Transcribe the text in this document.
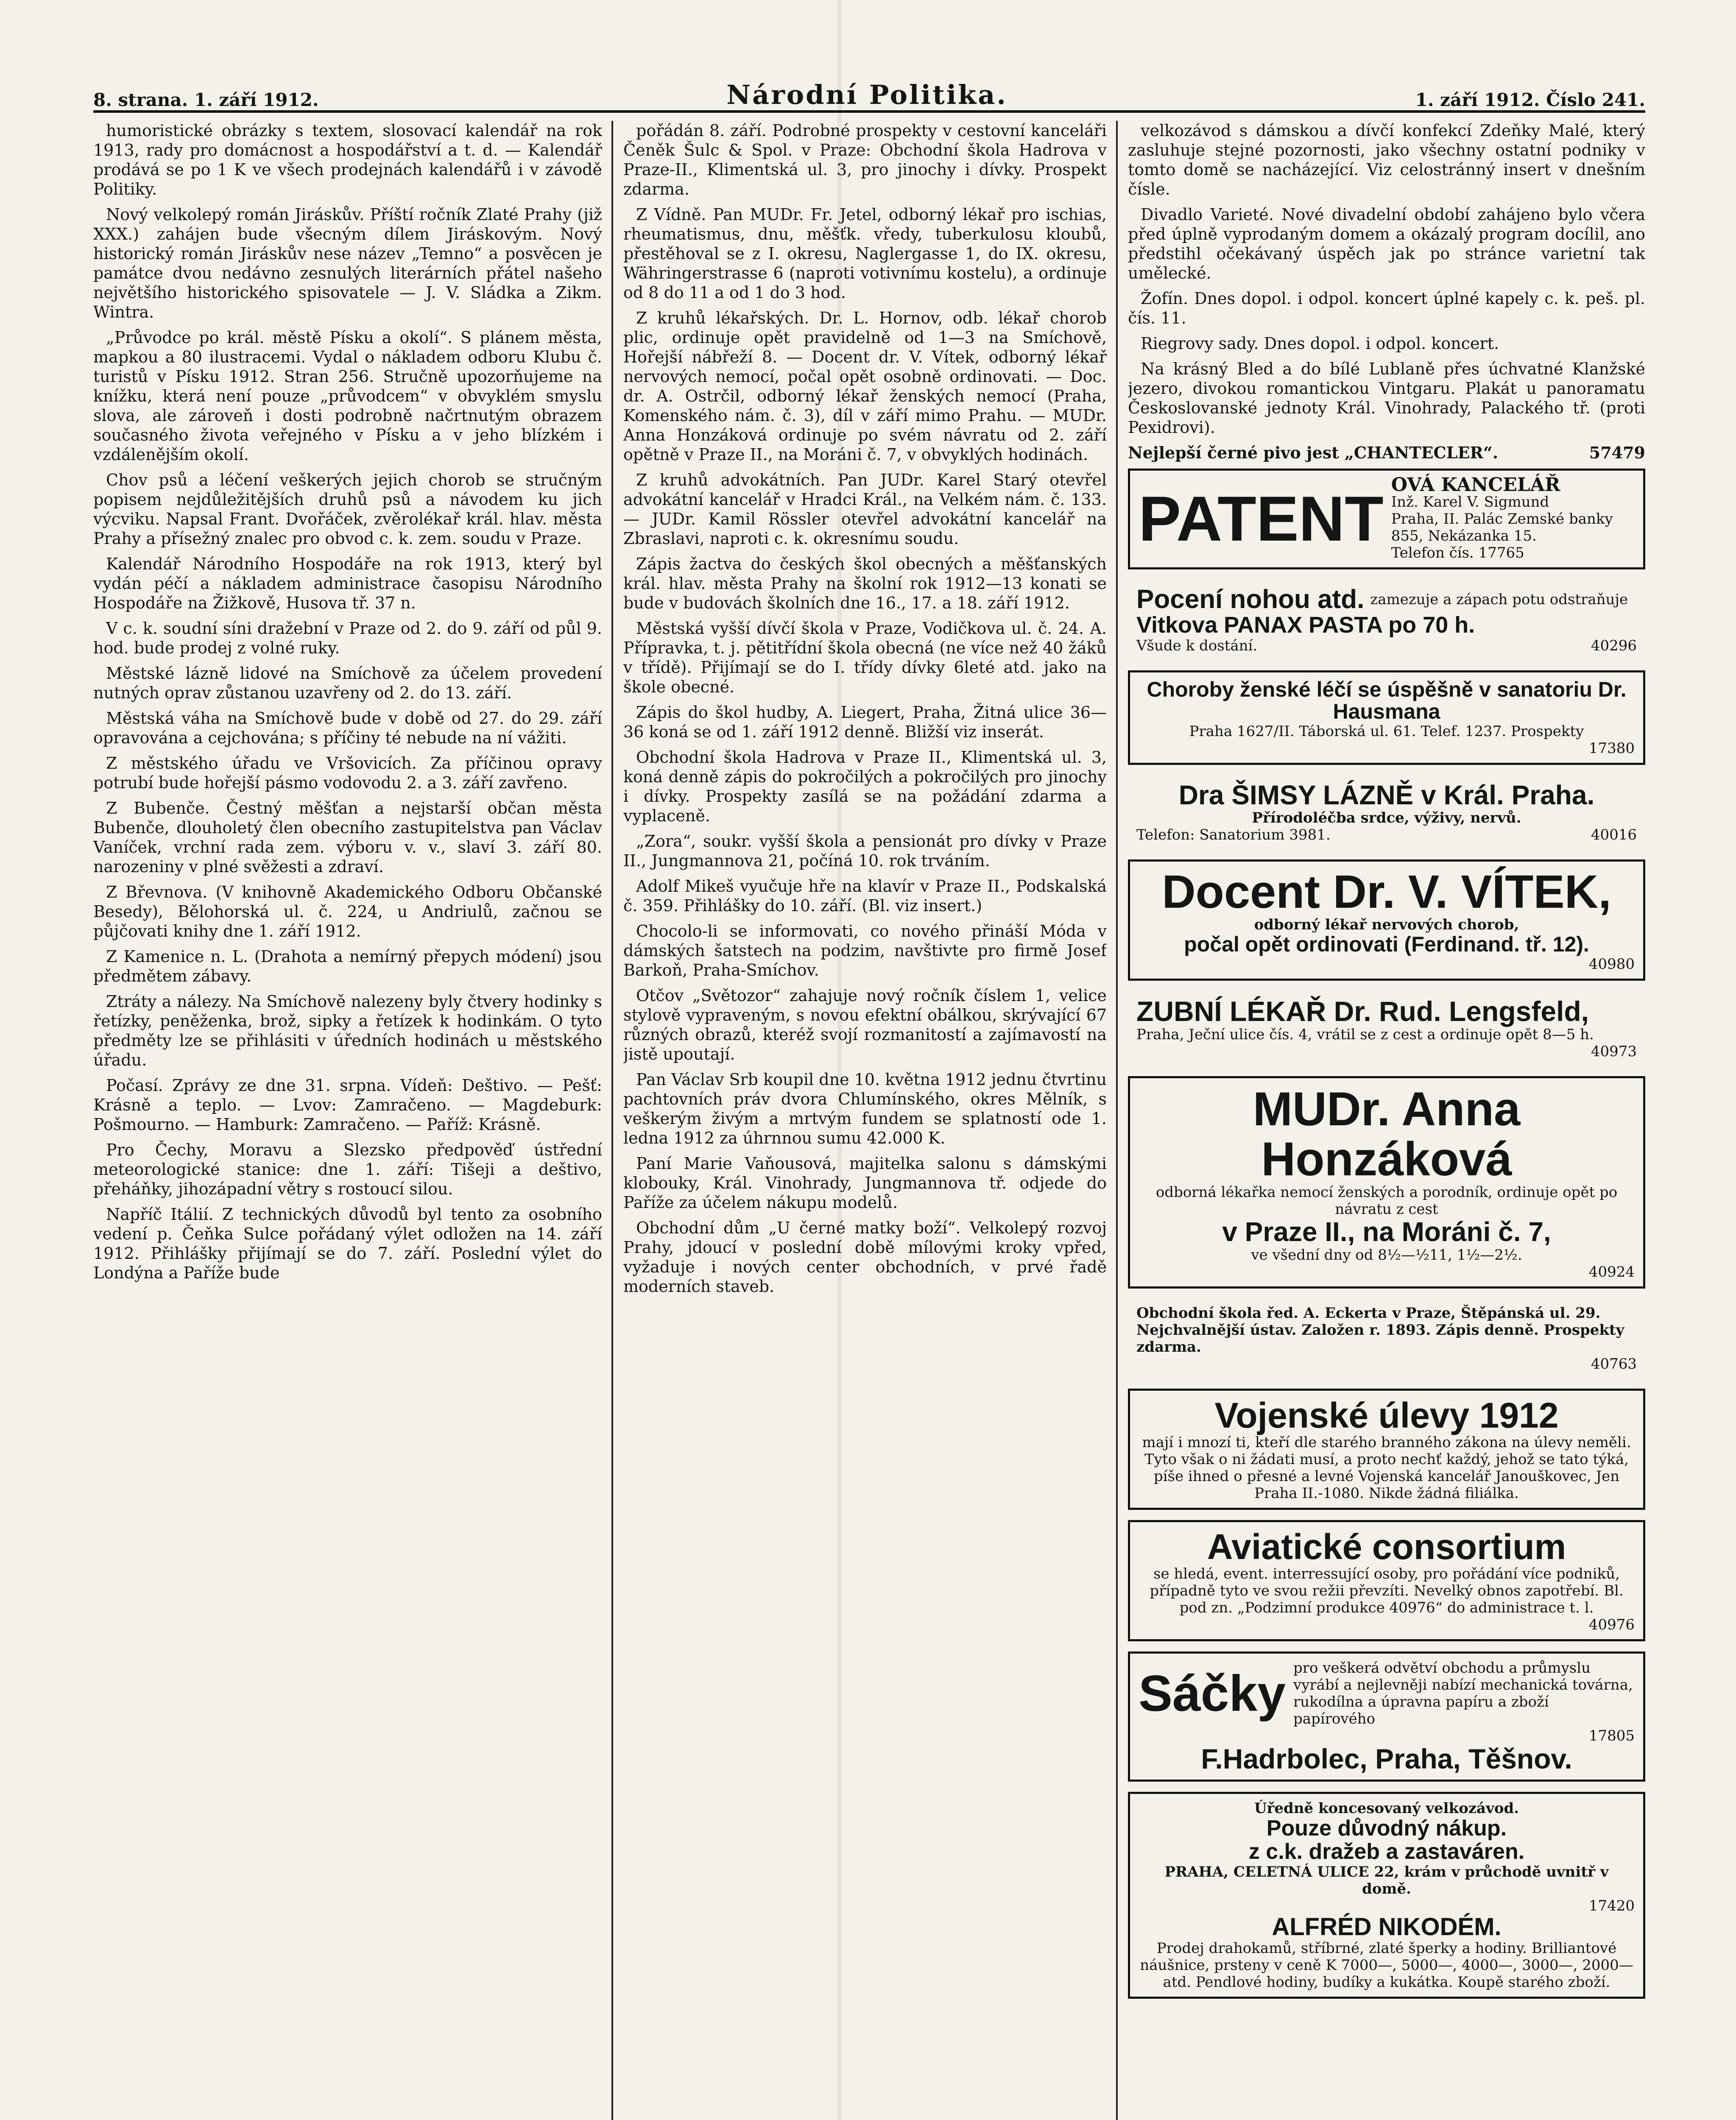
8. strana. 1. září 1912.	Národní Politika.	1. září 1912. Číslo 241.

humoristické obrázky s textem, slosovací kalendář na rok 1913, rady pro domácnost a hospodářství a t. d. — Kalendář prodává se po 1 K ve všech prodejnách kalendářů i v závodě Politiky.

Nový velkolepý román Jiráskův. Příští ročník Zlaté Prahy (již XXX.) zahájen bude všecným dílem Jiráskovým. Nový historický román Jiráskův nese název „Temno“ a posvěcen je památce dvou nedávno zesnulých literárních přátel našeho největšího historického spisovatele — J. V. Sládka a Zikm. Wintra.

„Průvodce po král. městě Písku a okolí“. S plánem města, mapkou a 80 ilustracemi. Vydal o nákladem odboru Klubu č. turistů v Písku 1912. Stran 256. Stručně upozorňujeme na knížku, která není pouze „průvodcem“ v obvyklém smyslu slova, ale zároveň i dosti podrobně načrtnutým obrazem současného života veřejného v Písku a v jeho blízkém i vzdálenějším okolí.

Chov psů a léčení veškerých jejich chorob se stručným popisem nejdůležitějších druhů psů a návodem ku jich výcviku. Napsal Frant. Dvořáček, zvěrolékař král. hlav. města Prahy a přísežný znalec pro obvod c. k. zem. soudu v Praze.

Kalendář Národního Hospodáře na rok 1913, který byl vydán péčí a nákladem administrace časopisu Národního Hospodáře na Žižkově, Husova tř. 37 n.

V c. k. soudní síni dražební v Praze od 2. do 9. září od půl 9. hod. bude prodej z volné ruky.

Městské lázně lidové na Smíchově za účelem provedení nutných oprav zůstanou uzavřeny od 2. do 13. září.

Městská váha na Smíchově bude v době od 27. do 29. září opravována a cejchována; s příčiny té nebude na ní vážiti.

Z městského úřadu ve Vršovicích. Za příčinou opravy potrubí bude hořejší pásmo vodovodu 2. a 3. září zavřeno.

Z Bubenče. Čestný měšťan a nejstarší občan města Bubenče, dlouholetý člen obecního zastupitelstva pan Václav Vaníček, vrchní rada zem. výboru v. v., slaví 3. září 80. narozeniny v plné svěžesti a zdraví.

Z Břevnova. (V knihovně Akademického Odboru Občanské Besedy), Bělohorská ul. č. 224, u Andriulů, začnou se půjčovati knihy dne 1. září 1912.

Z Kamenice n. L. (Drahota a nemírný přepych módení) jsou předmětem zábavy.

Ztráty a nálezy. Na Smíchově nalezeny byly čtvery hodinky s řetízky, peněženka, brož, sipky a řetízek k hodinkám. O tyto předměty lze se přihlásiti v úředních hodinách u městského úřadu.

Počasí. Zprávy ze dne 31. srpna. Vídeň: Deštivo. — Pešť: Krásně a teplo. — Lvov: Zamračeno. — Magdeburk: Pošmourno. — Hamburk: Zamračeno. — Paříž: Krásně.

Pro Čechy, Moravu a Slezsko předpověď ústřední meteorologické stanice: dne 1. září: Tišeji a deštivo, přeháňky, jihozápadní větry s rostoucí silou.

Napříč Itálií. Z technických důvodů byl tento za osobního vedení p. Čeňka Sulce pořádaný výlet odložen na 14. září 1912. Přihlášky přijímají se do 7. září. Poslední výlet do Londýna a Paříže bude

pořádán 8. září. Podrobné prospekty v cestovní kanceláři Čeněk Šulc & Spol. v Praze: Obchodní škola Hadrova v Praze-II., Klimentská ul. 3, pro jinochy i dívky. Prospekt zdarma.

Z Vídně. Pan MUDr. Fr. Jetel, odborný lékař pro ischias, rheumatismus, dnu, měšťk. vředy, tuberkulosu kloubů, přestěhoval se z I. okresu, Naglergasse 1, do IX. okresu, Währingerstrasse 6 (naproti votivnímu kostelu), a ordinuje od 8 do 11 a od 1 do 3 hod.

Z kruhů lékařských. Dr. L. Hornov, odb. lékař chorob plic, ordinuje opět pravidelně od 1—3 na Smíchově, Hořejší nábřeží 8. — Docent dr. V. Vítek, odborný lékař nervových nemocí, počal opět osobně ordinovati. — Doc. dr. A. Ostrčil, odborný lékař ženských nemocí (Praha, Komenského nám. č. 3), díl v září mimo Prahu. — MUDr. Anna Honzáková ordinuje po svém návratu od 2. září opětně v Praze II., na Moráni č. 7, v obvyklých hodinách.

Z kruhů advokátních. Pan JUDr. Karel Starý otevřel advokátní kancelář v Hradci Král., na Velkém nám. č. 133. — JUDr. Kamil Rössler otevřel advokátní kancelář na Zbraslavi, naproti c. k. okresnímu soudu.

Zápis žactva do českých škol obecných a měšťanských král. hlav. města Prahy na školní rok 1912—13 konati se bude v budovách školních dne 16., 17. a 18. září 1912.

Městská vyšší dívčí škola v Praze, Vodičkova ul. č. 24. A. Přípravka, t. j. pětitřídní škola obecná (ne více než 40 žáků v třídě). Přijímají se do I. třídy dívky 6leté atd. jako na škole obecné.

Zápis do škol hudby, A. Liegert, Praha, Žitná ulice 36—36 koná se od 1. září 1912 denně. Bližší viz inserát.

Obchodní škola Hadrova v Praze II., Klimentská ul. 3, koná denně zápis do pokročilých a pokročilých pro jinochy i dívky. Prospekty zasílá se na požádání zdarma a vyplaceně.

„Zora“, soukr. vyšší škola a pensionát pro dívky v Praze II., Jungmannova 21, počíná 10. rok trváním.

Adolf Mikeš vyučuje hře na klavír v Praze II., Podskalská č. 359. Přihlášky do 10. září. (Bl. viz insert.)

Chocolo-li se informovati, co nového přináší Móda v dámských šatstech na podzim, navštivte pro firmě Josef Barkoň, Praha-Smíchov.

Otčov „Světozor“ zahajuje nový ročník číslem 1, velice stylově vypraveným, s novou efektní obálkou, skrývající 67 různých obrazů, kteréž svojí rozmanitostí a zajímavostí na jistě upoutají.

Pan Václav Srb koupil dne 10. května 1912 jednu čtvrtinu pachtovních práv dvora Chlumínského, okres Mělník, s veškerým živým a mrtvým fundem se splatností ode 1. ledna 1912 za úhrnnou sumu 42.000 K.

Paní Marie Vaňousová, majitelka salonu s dámskými klobouky, Král. Vinohrady, Jungmannova tř. odjede do Paříže za účelem nákupu modelů.

Obchodní dům „U černé matky boží“. Velkolepý rozvoj Prahy, jdoucí v poslední době mílovými kroky vpřed, vyžaduje i nových center obchodních, v prvé řadě moderních staveb.

velkozávod s dámskou a dívčí konfekcí Zdeňky Malé, který zasluhuje stejné pozornosti, jako všechny ostatní podniky v tomto domě se nacházející. Viz celostránný insert v dnešním čísle.

Divadlo Varieté. Nové divadelní období zahájeno bylo včera před úplně vyprodaným domem a okázalý program docílil, ano předstihl očekávaný úspěch jak po stránce varietní tak umělecké.

Žofín. Dnes dopol. i odpol. koncert úplné kapely c. k. peš. pl. čís. 11.

Riegrovy sady. Dnes dopol. i odpol. koncert.

Na krásný Bled a do bílé Lublaně přes úchvatné Klanžské jezero, divokou romantickou Vintgaru. Plakát u panoramatu Českoslovanské jednoty Král. Vinohrady, Palackého tř. (proti Pexidrovi).

Nejlepší černé pivo jest „CHANTECLER“.	57479
PATENT OVÁ KANCELÁŘ
Inž. Karel V. Sigmund
Praha, II. Palác Zemské banky 855, Nekázanka 15.
Telefon čís. 17765
Pocení nohou atd. zamezuje a zápach potu odstraňuje
Vitkova PANAX PASTA po 70 h.
Všude k dostání.	40296
Choroby ženské léčí se úspěšně v sanatoriu Dr. Hausmana
Praha 1627/II. Táborská ul. 61. Telef. 1237. Prospekty
17380
Dra ŠIMSY LÁZNĚ v Král. Praha.
Přírodoléčba srdce, výživy, nervů.
Telefon: Sanatorium 3981.	40016
Docent Dr. V. VÍTEK,
odborný lékař nervových chorob,
počal opět ordinovati (Ferdinand. tř. 12).
40980
ZUBNÍ LÉKAŘ Dr. Rud. Lengsfeld,
Praha, Ječní ulice čís. 4, vrátil se z cest a ordinuje opět 8—5 h.
40973
MUDr. Anna Honzáková
odborná lékařka nemocí ženských a porodník, ordinuje opět po návratu z cest
v Praze II., na Moráni č. 7,
ve všední dny od 8½—½11, 1½—2½.
40924
Obchodní škola řed. A. Eckerta v Praze, Štěpánská ul. 29. Nejchvalnější ústav. Založen r. 1893. Zápis denně. Prospekty zdarma.
40763
Vojenské úlevy 1912
mají i mnozí ti, kteří dle starého branného zákona na úlevy neměli. Tyto však o ni žádati musí, a proto nechť každý, jehož se tato týká, píše ihned o přesné a levné Vojenská kancelář Janouškovec, Jen Praha II.-1080. Nikde žádná filiálka.
Aviatické consortium
se hledá, event. interressující osoby, pro pořádání více podniků, případně tyto ve svou režii převzíti. Nevelký obnos zapotřebí. Bl. pod zn. „Podzimní produkce 40976“ do administrace t. l.
40976
Sáčky pro veškerá odvětví obchodu a průmyslu vyrábí a nejlevněji nabízí mechanická továrna, rukodílna a úpravna papíru a zboží papírového
17805
F.Hadrbolec, Praha, Těšnov.
Úředně koncesovaný velkozávod.
Pouze důvodný nákup.
z c.k. dražeb a zastaváren.
PRAHA, CELETNÁ ULICE 22, krám v průchodě uvnitř v domě.
17420
ALFRÉD NIKODÉM.
Prodej drahokamů, stříbrné, zlaté šperky a hodiny. Brilliantové náušnice, prsteny v ceně K 7000—, 5000—, 4000—, 3000—, 2000— atd. Pendlové hodiny, budíky a kukátka. Koupě starého zboží.
